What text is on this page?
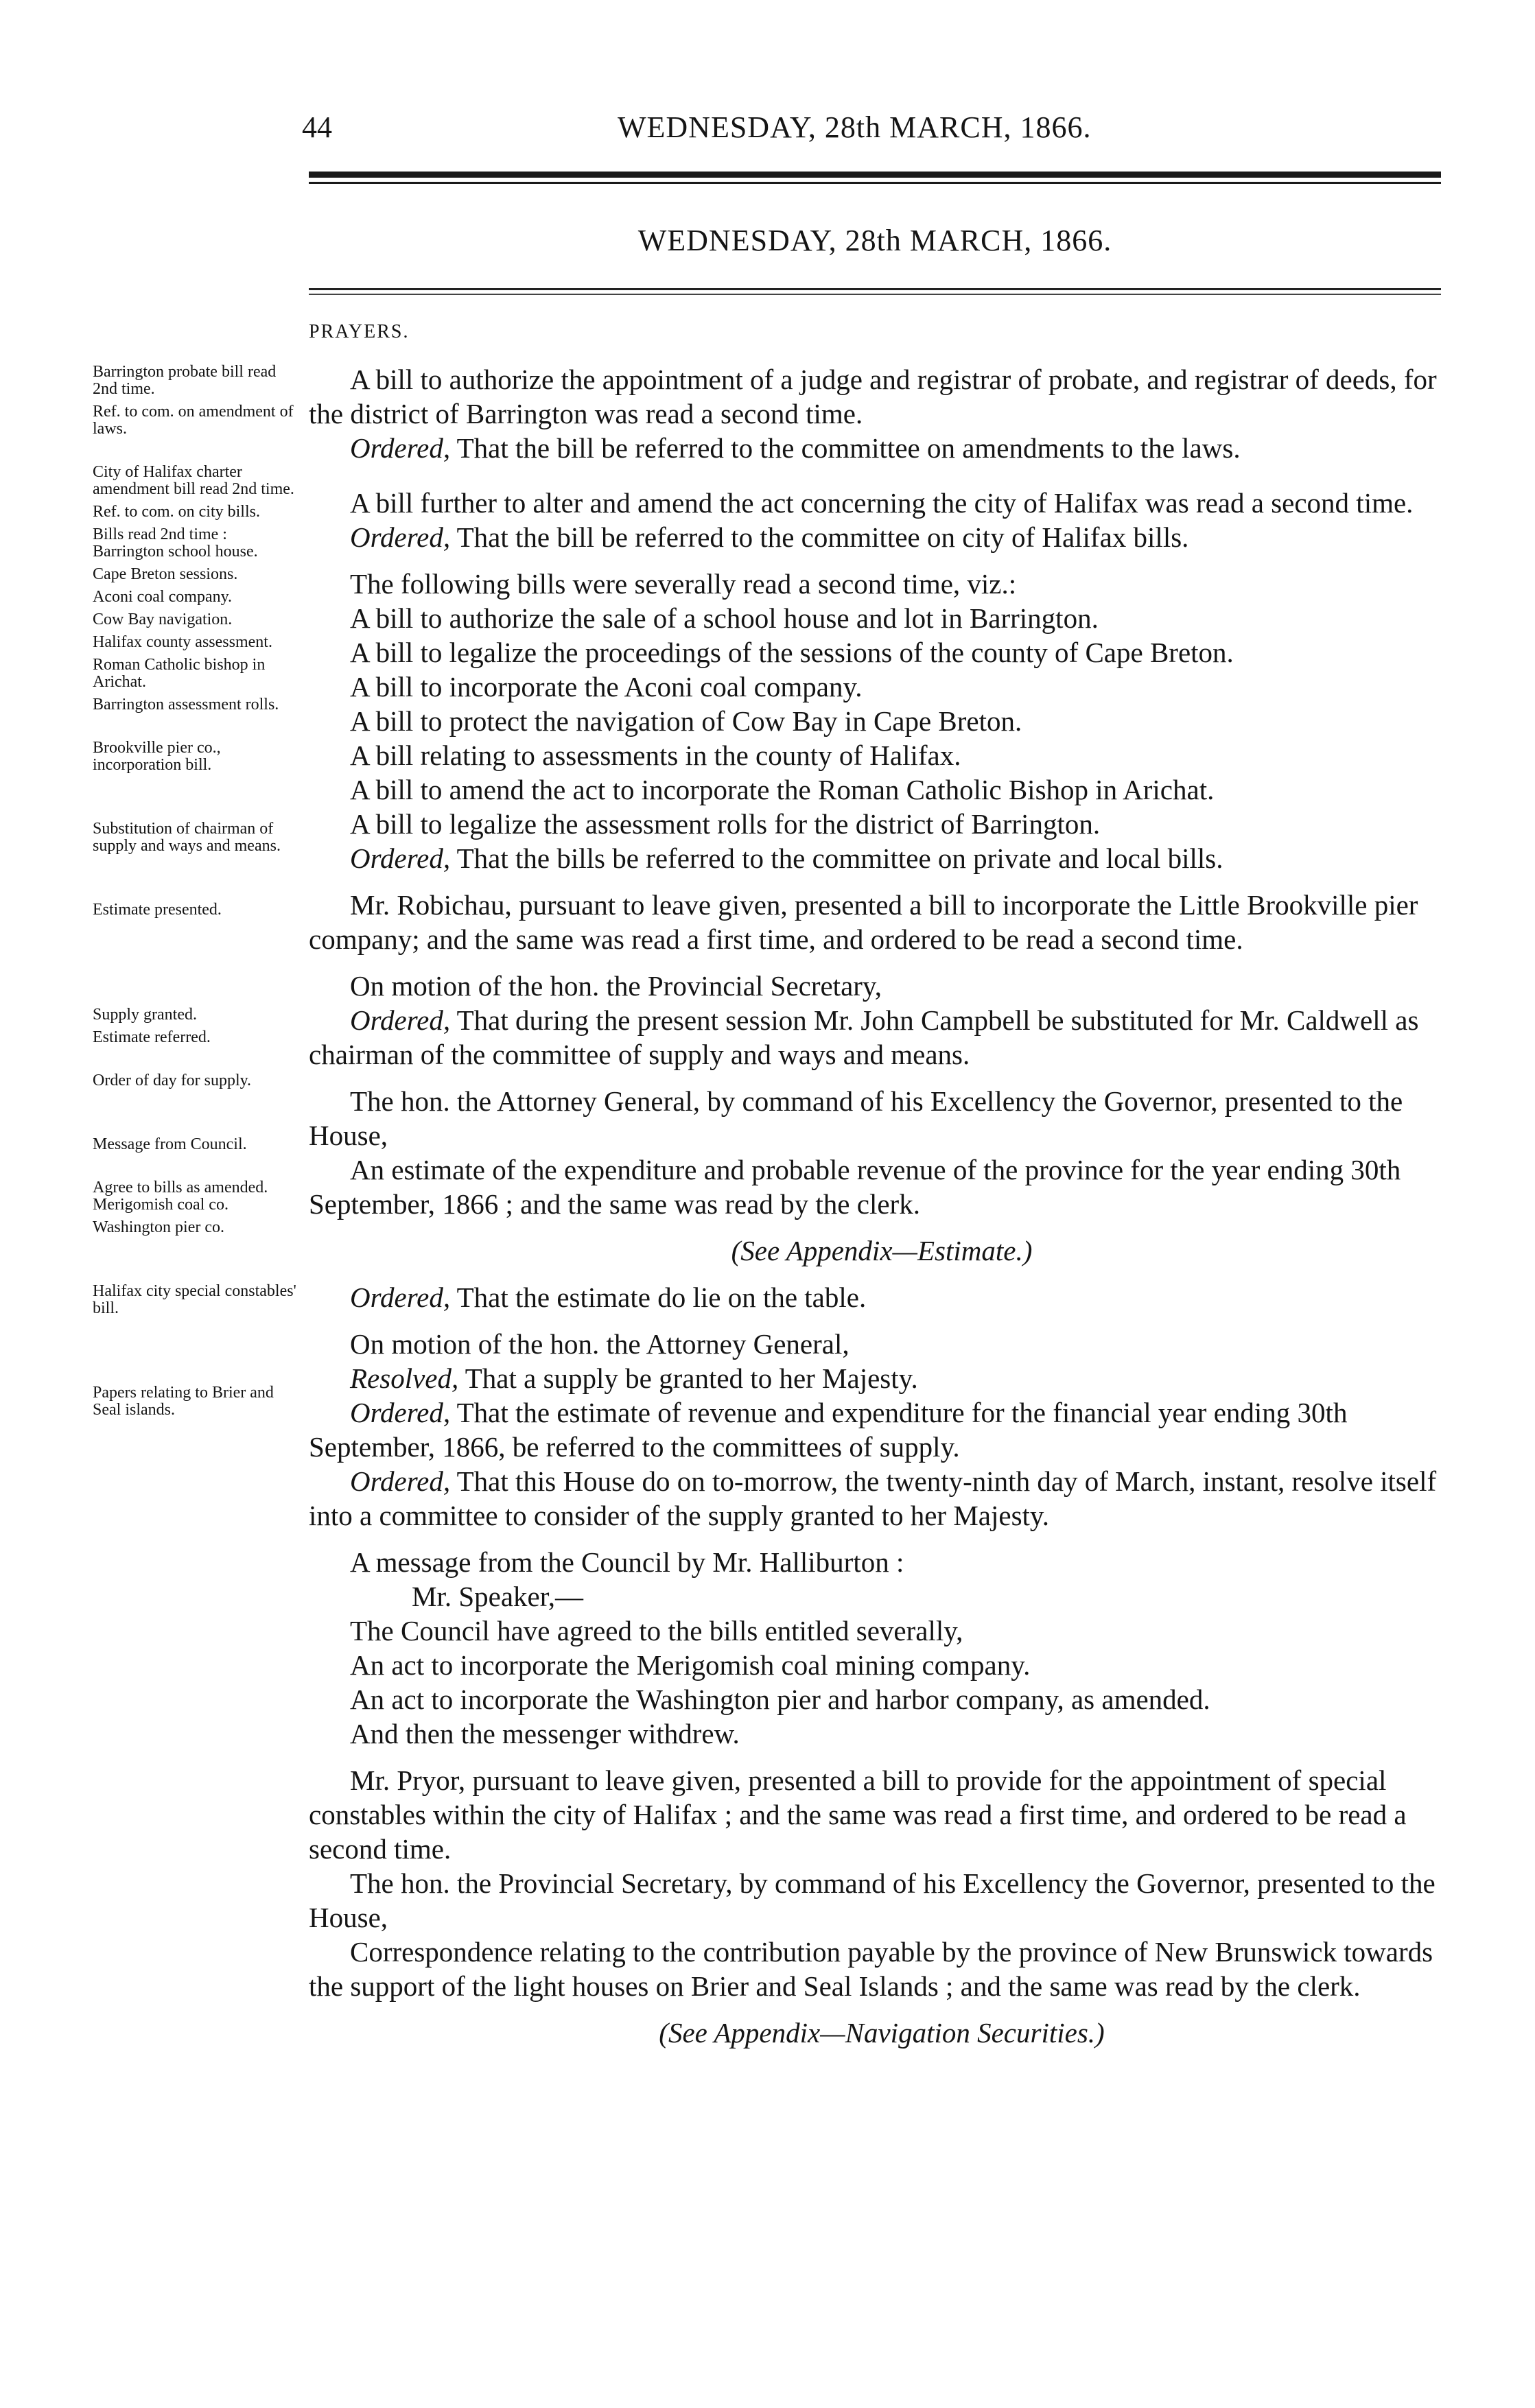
44	WEDNESDAY, 28th MARCH, 1866.
WEDNESDAY, 28th MARCH, 1866.
PRAYERS.

Barrington probate bill read 2nd time.

Ref. to com. on amendment of laws.

City of Halifax charter amendment bill read 2nd time.

Ref. to com. on city bills.

Bills read 2nd time : Barrington school house.

Cape Breton sessions.

Aconi coal company.

Cow Bay navigation.

Halifax county assessment.

Roman Catholic bishop in Arichat.

Barrington assessment rolls.

Brookville pier co., incorporation bill.

Substitution of chairman of supply and ways and means.

Estimate presented.

Supply granted.

Estimate referred.

Order of day for supply.

Message from Council.

Agree to bills as amended. Merigomish coal co.

Washington pier co.

Halifax city special constables' bill.

Papers relating to Brier and Seal islands.

A bill to authorize the appointment of a judge and registrar of probate, and registrar of deeds, for the district of Barrington was read a second time.

Ordered, That the bill be referred to the committee on amendments to the laws.

A bill further to alter and amend the act concerning the city of Halifax was read a second time.

Ordered, That the bill be referred to the committee on city of Halifax bills.

The following bills were severally read a second time, viz.:

A bill to authorize the sale of a school house and lot in Barrington.

A bill to legalize the proceedings of the sessions of the county of Cape Breton.

A bill to incorporate the Aconi coal company.

A bill to protect the navigation of Cow Bay in Cape Breton.

A bill relating to assessments in the county of Halifax.

A bill to amend the act to incorporate the Roman Catholic Bishop in Arichat.

A bill to legalize the assessment rolls for the district of Barrington.

Ordered, That the bills be referred to the committee on private and local bills.

Mr. Robichau, pursuant to leave given, presented a bill to incorporate the Little Brookville pier company; and the same was read a first time, and ordered to be read a second time.

On motion of the hon. the Provincial Secretary,

Ordered, That during the present session Mr. John Campbell be substituted for Mr. Caldwell as chairman of the committee of supply and ways and means.

The hon. the Attorney General, by command of his Excellency the Governor, presented to the House,

An estimate of the expenditure and probable revenue of the province for the year ending 30th September, 1866 ; and the same was read by the clerk.

(See Appendix—Estimate.)

Ordered, That the estimate do lie on the table.

On motion of the hon. the Attorney General,

Resolved, That a supply be granted to her Majesty.

Ordered, That the estimate of revenue and expenditure for the financial year ending 30th September, 1866, be referred to the committees of supply.

Ordered, That this House do on to-morrow, the twenty-ninth day of March, instant, resolve itself into a committee to consider of the supply granted to her Majesty.

A message from the Council by Mr. Halliburton :

Mr. Speaker,—

The Council have agreed to the bills entitled severally,

An act to incorporate the Merigomish coal mining company.

An act to incorporate the Washington pier and harbor company, as amended.

And then the messenger withdrew.

Mr. Pryor, pursuant to leave given, presented a bill to provide for the appointment of special constables within the city of Halifax ; and the same was read a first time, and ordered to be read a second time.

The hon. the Provincial Secretary, by command of his Excellency the Governor, presented to the House,

Correspondence relating to the contribution payable by the province of New Brunswick towards the support of the light houses on Brier and Seal Islands ; and the same was read by the clerk.

(See Appendix—Navigation Securities.)
